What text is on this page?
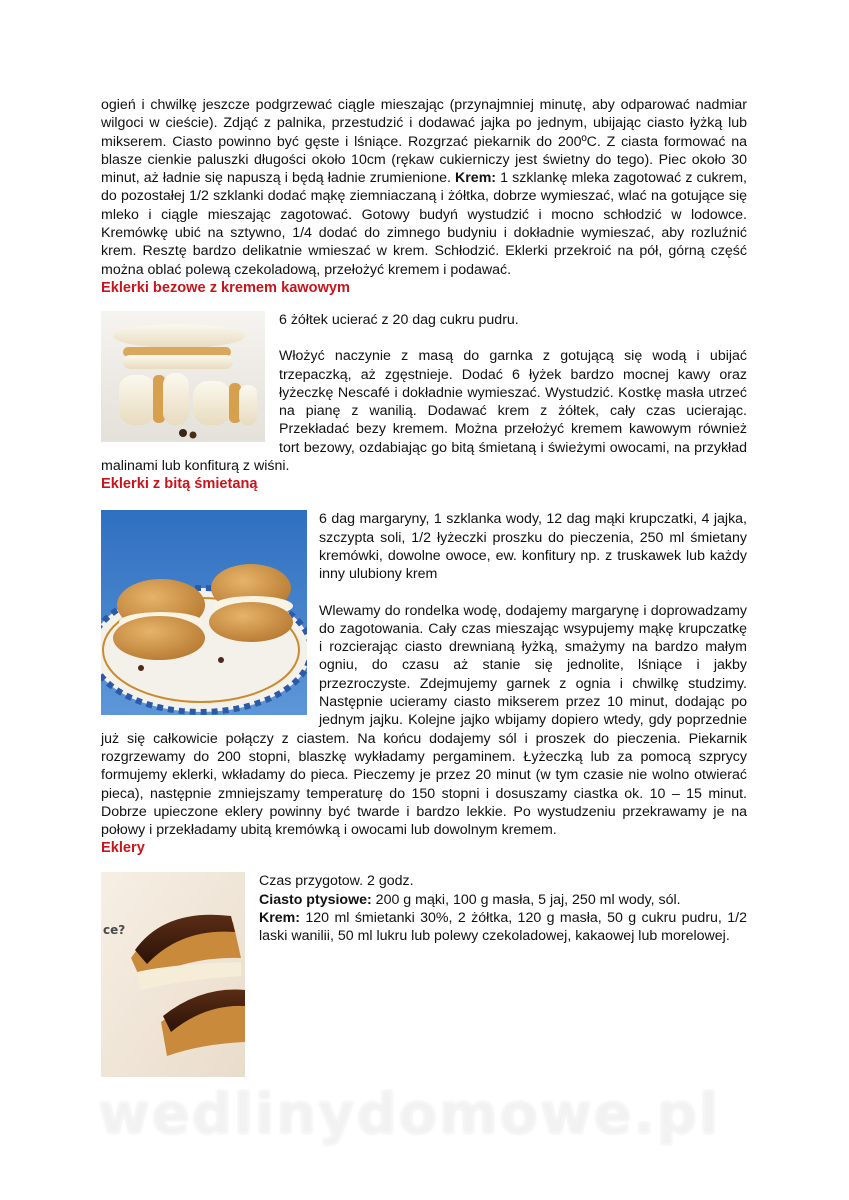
ogień i chwilkę jeszcze podgrzewać ciągle mieszając (przynajmniej minutę, aby odparować nadmiar wilgoci w cieście). Zdjąć z palnika, przestudzić i dodawać jajka po jednym, ubijając ciasto łyżką lub mikserem. Ciasto powinno być gęste i lśniące. Rozgrzać piekarnik do 200ºC. Z ciasta formować na blasze cienkie paluszki długości około 10cm (rękaw cukierniczy jest świetny do tego). Piec około 30 minut, aż ładnie się napuszą i będą ładnie zrumienione. Krem: 1 szklankę mleka zagotować z cukrem, do pozostałej 1/2 szklanki dodać mąkę ziemniaczaną i żółtka, dobrze wymieszać, wlać na gotujące się mleko i ciągle mieszając zagotować. Gotowy budyń wystudzić i mocno schłodzić w lodowce. Kremówkę ubić na sztywno, 1/4 dodać do zimnego budyniu i dokładnie wymieszać, aby rozluźnić krem. Resztę bardzo delikatnie wmieszać w krem. Schłodzić. Eklerki przekroić na pół, górną część można oblać polewą czekoladową, przełożyć kremem i podawać.

Eklerki bezowe z kremem kawowym

6 żółtek ucierać z 20 dag cukru pudru.

Włożyć naczynie z masą do garnka z gotującą się wodą i ubijać trzepaczką, aż zgęstnieje. Dodać 6 łyżek bardzo mocnej kawy oraz łyżeczkę Nescafé i dokładnie wymieszać. Wystudzić. Kostkę masła utrzeć na pianę z wanilią. Dodawać krem z żółtek, cały czas ucierając. Przekładać bezy kremem. Można przełożyć kremem kawowym również tort bezowy, ozdabiając go bitą śmietaną i świeżymi owocami, na przykład malinami lub konfiturą z wiśni.

Eklerki z bitą śmietaną

6 dag margaryny, 1 szklanka wody, 12 dag mąki krupczatki, 4 jajka, szczypta soli, 1/2 łyżeczki proszku do pieczenia, 250 ml śmietany kremówki, dowolne owoce, ew. konfitury np. z truskawek lub każdy inny ulubiony krem

Wlewamy do rondelka wodę, dodajemy margarynę i doprowadzamy do zagotowania. Cały czas mieszając wsypujemy mąkę krupczatkę i rozcierając ciasto drewnianą łyżką, smażymy na bardzo małym ogniu, do czasu aż stanie się jednolite, lśniące i jakby przezroczyste. Zdejmujemy garnek z ognia i chwilkę studzimy. Następnie ucieramy ciasto mikserem przez 10 minut, dodając po jednym jajku. Kolejne jajko wbijamy dopiero wtedy, gdy poprzednie już się całkowicie połączy z ciastem. Na końcu dodajemy sól i proszek do pieczenia. Piekarnik rozgrzewamy do 200 stopni, blaszkę wykładamy pergaminem. Łyżeczką lub za pomocą szprycy formujemy eklerki, wkładamy do pieca. Pieczemy je przez 20 minut (w tym czasie nie wolno otwierać pieca), następnie zmniejszamy temperaturę do 150 stopni i dosuszamy ciastka ok. 10 – 15 minut. Dobrze upieczone eklery powinny być twarde i bardzo lekkie. Po wystudzeniu przekrawamy je na połowy i przekładamy ubitą kremówką i owocami lub dowolnym kremem.

Eklery
ce?

Czas przygotow. 2 godz.

Ciasto ptysiowe: 200 g mąki, 100 g masła, 5 jaj, 250 ml wody, sól.

Krem: 120 ml śmietanki 30%, 2 żółtka, 120 g masła, 50 g cukru pudru, 1/2 laski wanilii, 50 ml lukru lub polewy czekoladowej, kakaowej lub morelowej.

wedlinydomowe.pl
